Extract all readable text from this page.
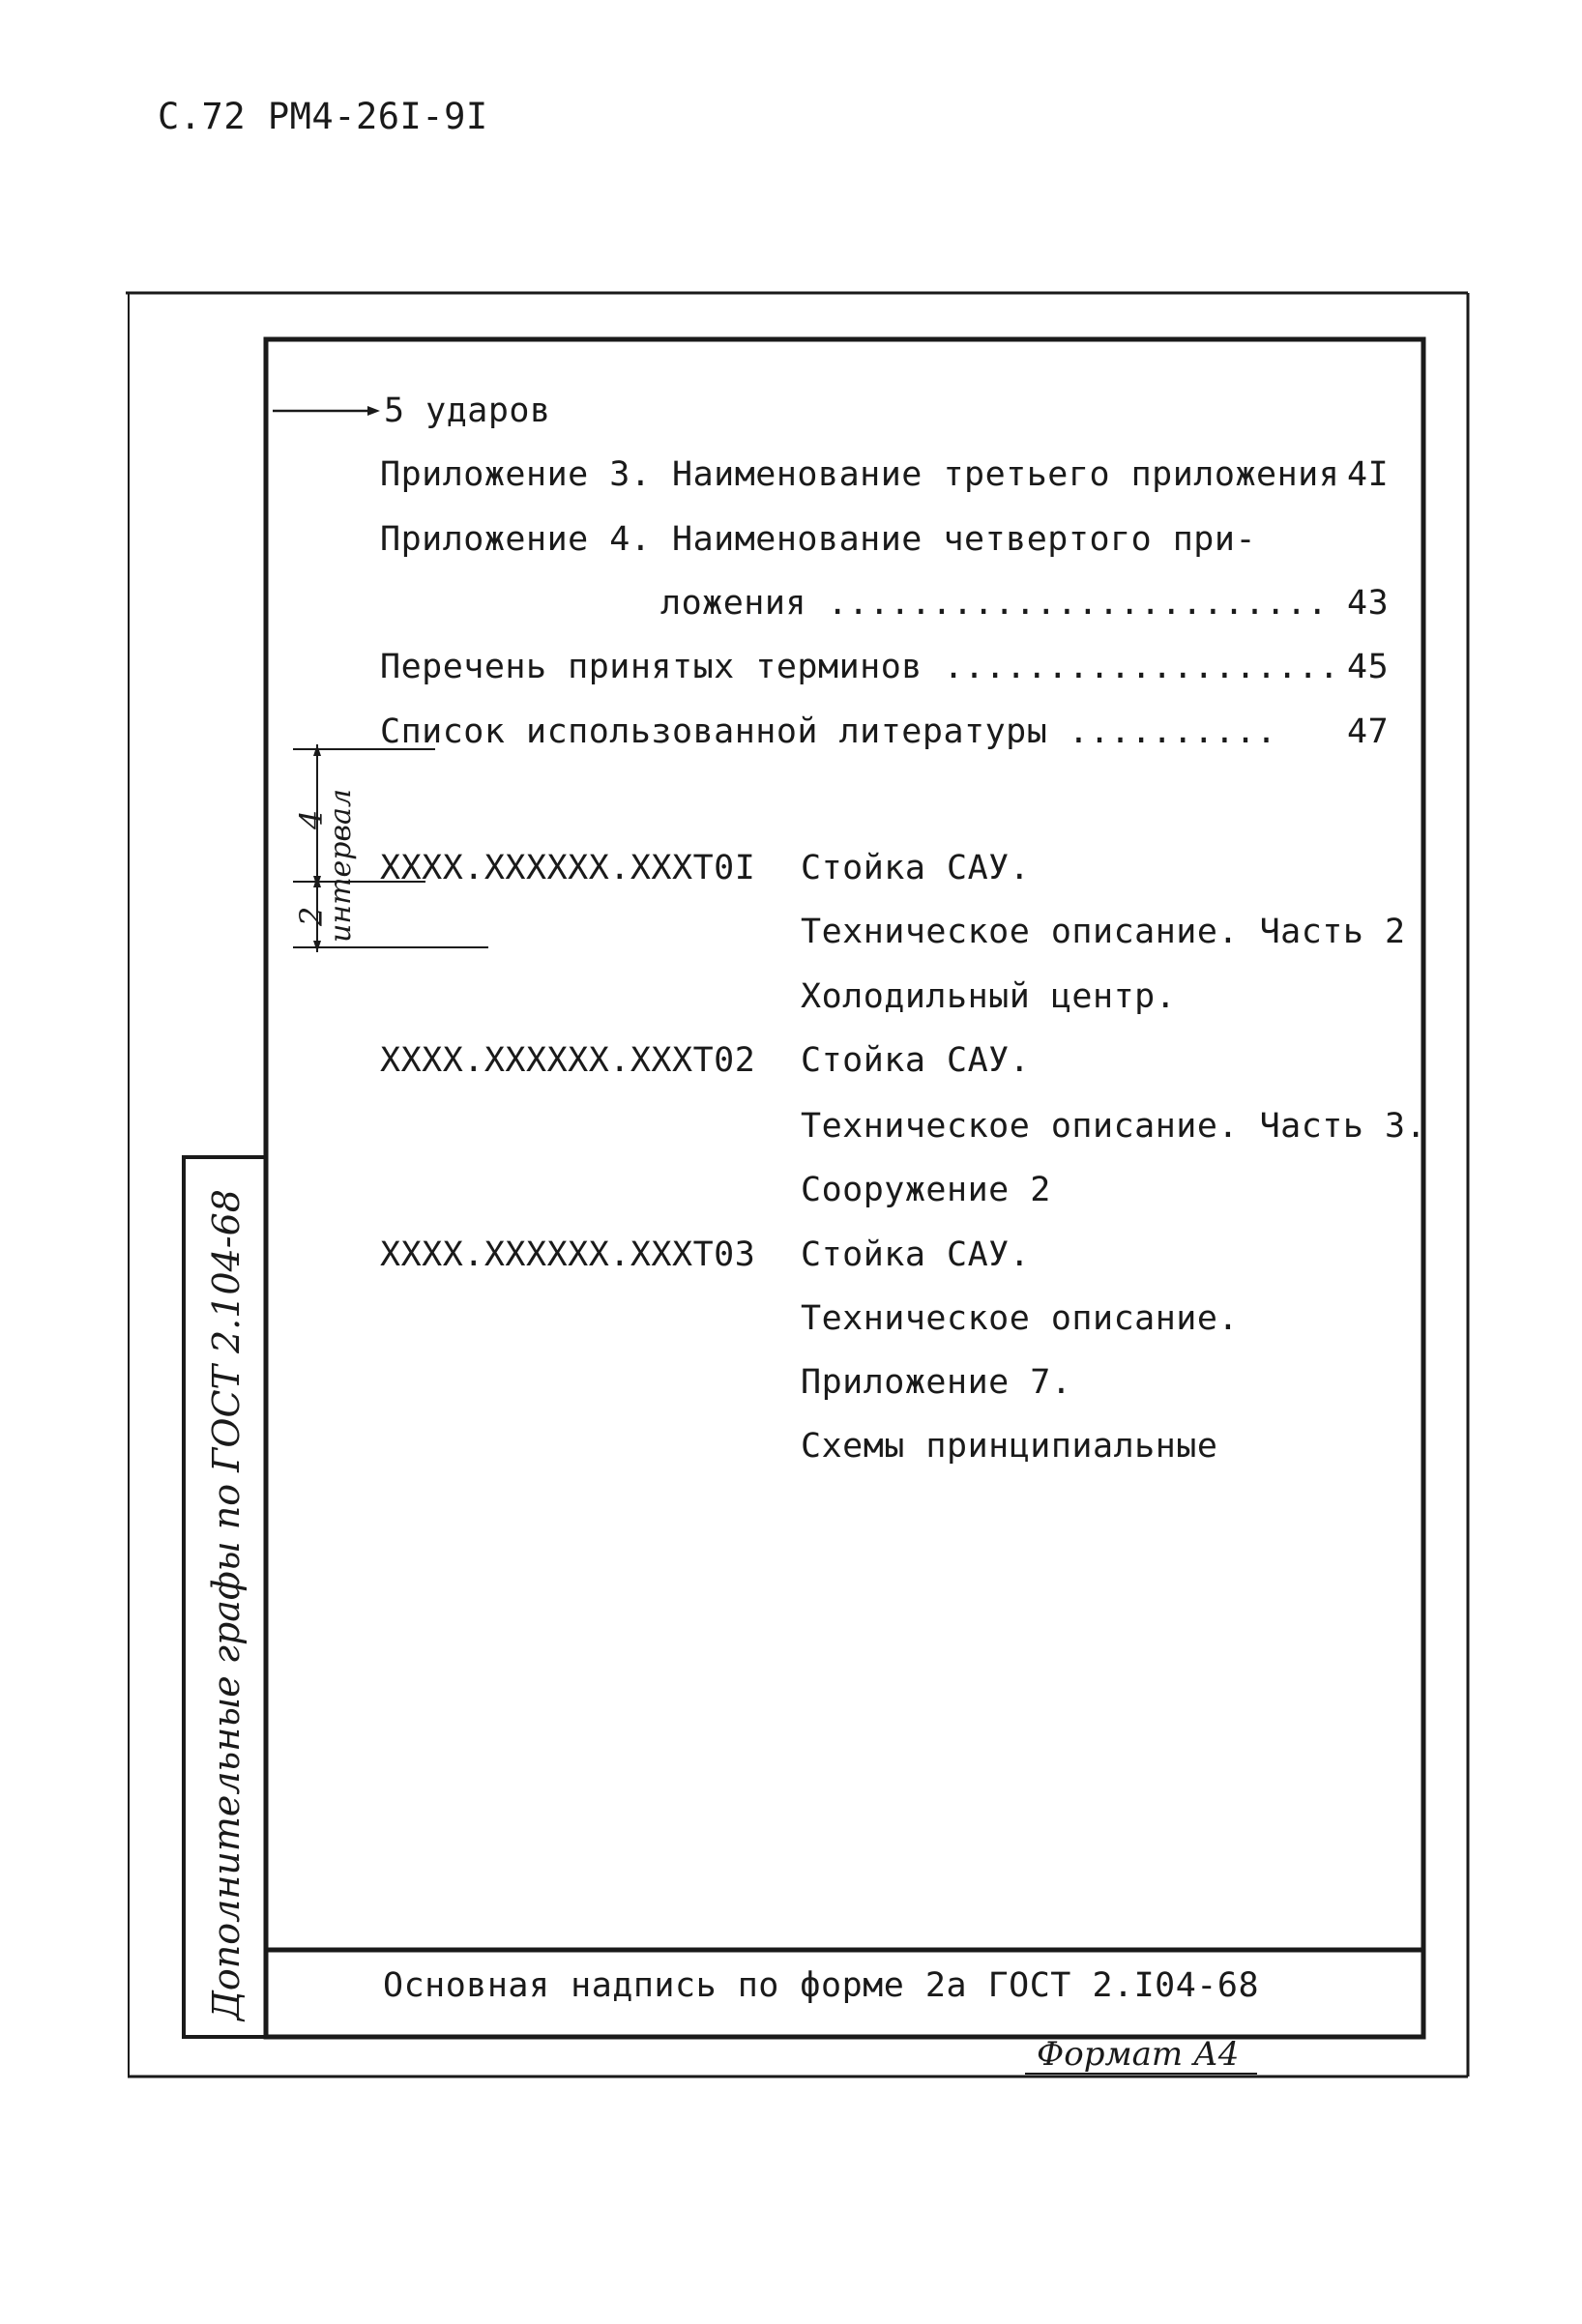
С.72 РМ4-26I-9I
5 ударов
Приложение 3. Наименование третьего приложения 4I
Приложение 4. Наименование четвертого при-
ложения ........................ 43
Перечень принятых терминов ................... 45
Список использованной литературы .......... 47
4
2
интервал XXXX.XXXXXX.XXXT0I Стойка САУ.
Техническое описание. Часть 2
Холодильный центр.
XXXX.XXXXXX.XXXT02 Стойка САУ.
Техническое описание. Часть 3.
Сооружение 2
XXXX.XXXXXX.XXXT03 Стойка САУ.
Техническое описание.
Приложение 7.
Схемы принципиальные
Дополнительные графы по ГОСТ 2.104-68	Основная надпись по форме 2а ГОСТ 2.I04-68
Формат А4
